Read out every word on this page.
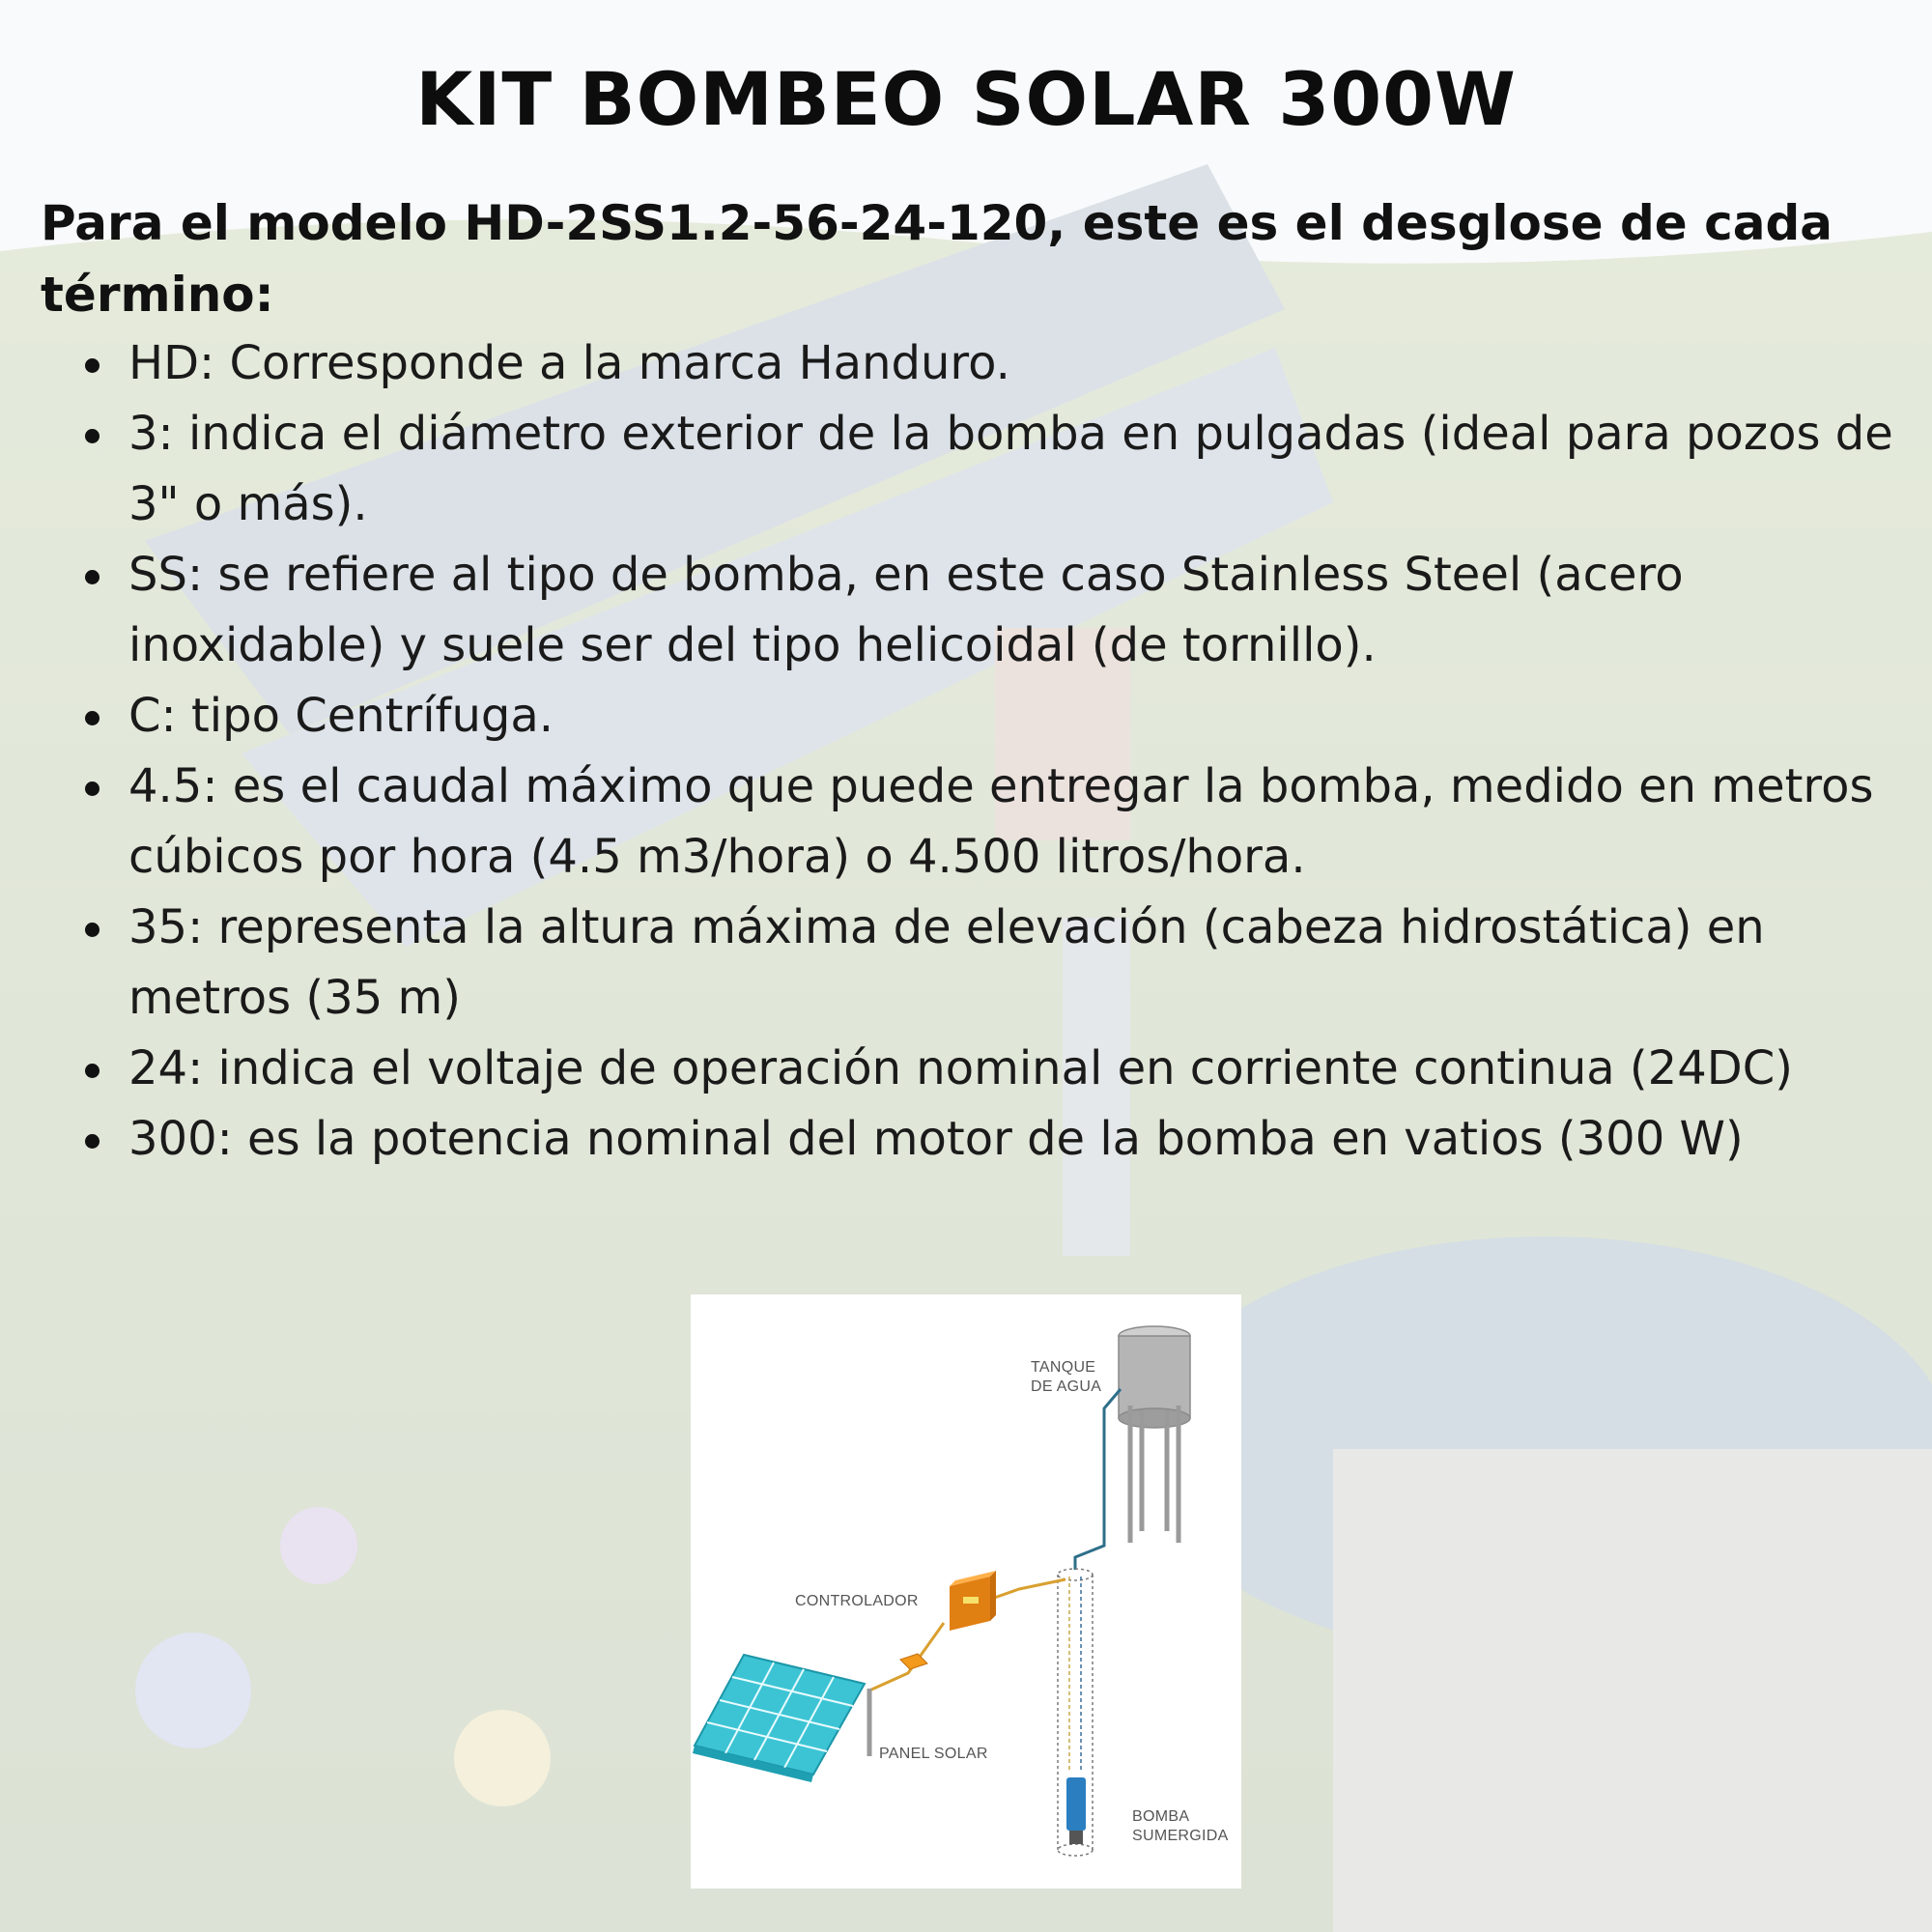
KIT BOMBEO SOLAR 300W

Para el modelo HD-2SS1.2-56-24-120, este es el desglose de cada término:

HD: Corresponde a la marca Handuro.
3: indica el diámetro exterior de la bomba en pulgadas (ideal para pozos de 3" o más).
SS: se refiere al tipo de bomba, en este caso Stainless Steel (acero inoxidable) y suele ser del tipo helicoidal (de tornillo).
C: tipo Centrífuga.
4.5: es el caudal máximo que puede entregar la bomba, medido en metros cúbicos por hora (4.5 m3/hora) o 4.500 litros/hora.
35: representa la altura máxima de elevación (cabeza hidrostática) en metros (35 m)
24: indica el voltaje de operación nominal en corriente continua (24DC)
300: es la potencia nominal del motor de la bomba en vatios (300 W)
TANQUE
DE AGUA
BOMBA
SUMERGIDA
CONTROLADOR
PANEL SOLAR
